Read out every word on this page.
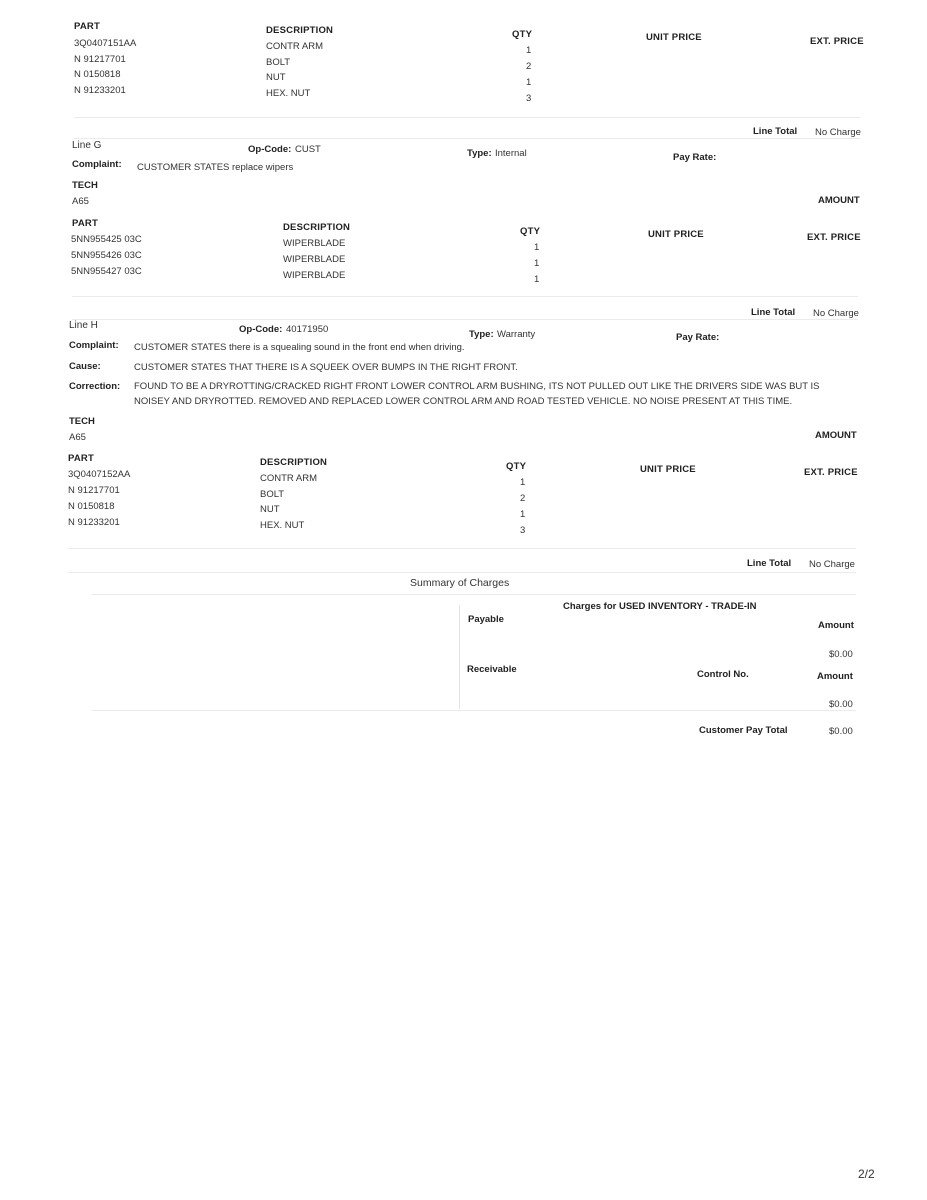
PART	DESCRIPTION	QTY	UNIT PRICE	EXT. PRICE
3Q0407151AA	CONTR ARM	1
N 91217701	BOLT	2
N 0150818	NUT	1
N 91233201	HEX. NUT	3
Line Total No Charge
Line G	Op-Code: CUST	Type: Internal	Pay Rate:
Complaint: CUSTOMER STATES replace wipers
TECH
A65	AMOUNT
PART	DESCRIPTION	QTY	UNIT PRICE	EXT. PRICE
5NN955425 03C	WIPERBLADE	1
5NN955426 03C	WIPERBLADE	1
5NN955427 03C	WIPERBLADE	1
Line Total No Charge
Line H	Op-Code: 40171950	Type: Warranty	Pay Rate:
Complaint: CUSTOMER STATES there is a squealing sound in the front end when driving.
Cause:	CUSTOMER STATES THAT THERE IS A SQUEEK OVER BUMPS IN THE RIGHT FRONT.
Correction: FOUND TO BE A DRYROTTING/CRACKED RIGHT FRONT LOWER CONTROL ARM BUSHING, ITS NOT PULLED OUT LIKE THE DRIVERS SIDE WAS BUT IS
NOISEY AND DRYROTTED. REMOVED AND REPLACED LOWER CONTROL ARM AND ROAD TESTED VEHICLE. NO NOISE PRESENT AT THIS TIME.
TECH
A65	AMOUNT
PART	DESCRIPTION	QTY	UNIT PRICE	EXT. PRICE
3Q0407152AA	CONTR ARM	1
N 91217701	BOLT	2
N 0150818	NUT	1
N 91233201	HEX. NUT	3
Line Total No Charge
Summary of Charges
Charges for USED INVENTORY - TRADE-IN
Payable
Amount
$0.00
Receivable	Control No.	Amount
$0.00
Customer Pay Total	$0.00
2/2
